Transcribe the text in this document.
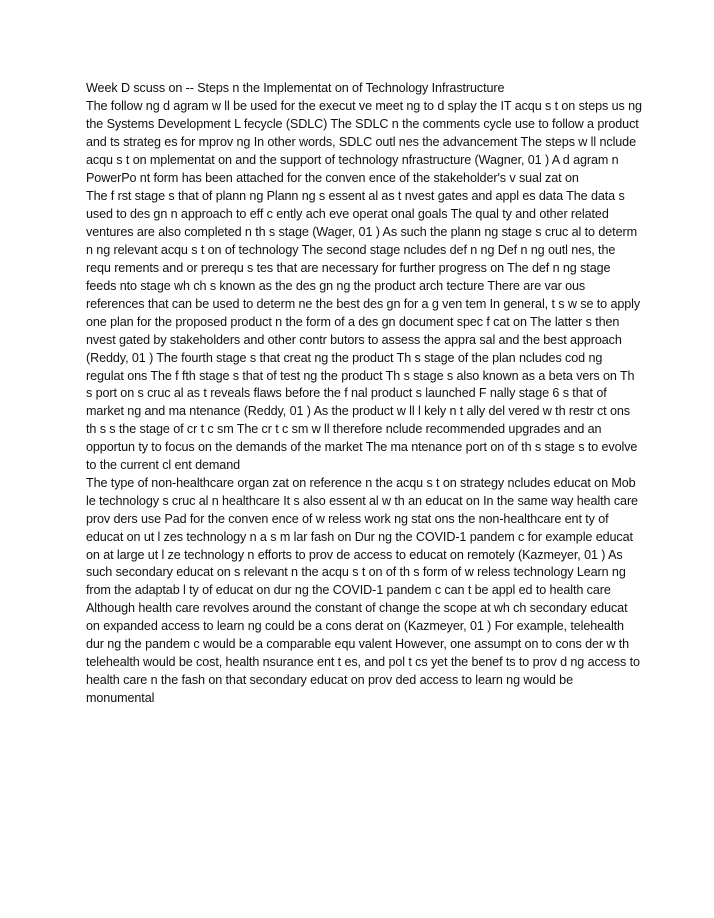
Week D scuss on -- Steps n the Implementat on of Technology Infrastructure

The follow ng d agram w ll be used for the execut ve meet ng to d splay the IT acqu s t on steps us ng the Systems Development L fecycle (SDLC) The SDLC n the comments cycle use to follow a product and ts strateg es for mprov ng In other words, SDLC outl nes the advancement The steps w ll nclude acqu s t on mplementat on and the support of technology nfrastructure (Wagner, 01 ) A d agram n PowerPo nt form has been attached for the conven ence of the stakeholder's v sual zat on

The f rst stage s that of plann ng Plann ng s essent al as t nvest gates and appl es data The data s used to des gn n approach to eff c ently ach eve operat onal goals The qual ty and other related ventures are also completed n th s stage (Wager, 01 ) As such the plann ng stage s cruc al to determ n ng relevant acqu s t on of technology The second stage ncludes def n ng Def n ng outl nes, the requ rements and or prerequ s tes that are necessary for further progress on The def n ng stage feeds nto stage wh ch s known as the des gn ng the product arch tecture There are var ous references that can be used to determ ne the best des gn for a g ven tem In general, t s w se to apply one plan for the proposed product n the form of a des gn document spec f cat on The latter s then nvest gated by stakeholders and other contr butors to assess the appra sal and the best approach (Reddy, 01 ) The fourth stage s that creat ng the product Th s stage of the plan ncludes cod ng regulat ons The f fth stage s that of test ng the product Th s stage s also known as a beta vers on Th s port on s cruc al as t reveals flaws before the f nal product s launched F nally stage 6 s that of market ng and ma ntenance (Reddy, 01 ) As the product w ll l kely n t ally del vered w th restr ct ons th s s the stage of cr t c sm The cr t c sm w ll therefore nclude recommended upgrades and an opportun ty to focus on the demands of the market The ma ntenance port on of th s stage s to evolve to the current cl ent demand

The type of non-healthcare organ zat on reference n the acqu s t on strategy ncludes educat on Mob le technology s cruc al n healthcare It s also essent al w th an educat on In the same way health care prov ders use Pad for the conven ence of w reless work ng stat ons the non-healthcare ent ty of educat on ut l zes technology n a s m lar fash on Dur ng the COVID-1 pandem c for example educat on at large ut l ze technology n efforts to prov de access to educat on remotely (Kazmeyer, 01 ) As such secondary educat on s relevant n the acqu s t on of th s form of w reless technology Learn ng from the adaptab l ty of educat on dur ng the COVID-1 pandem c can t be appl ed to health care Although health care revolves around the constant of change the scope at wh ch secondary educat on expanded access to learn ng could be a cons derat on (Kazmeyer, 01 ) For example, telehealth dur ng the pandem c would be a comparable equ valent However, one assumpt on to cons der w th telehealth would be cost, health nsurance ent t es, and pol t cs yet the benef ts to prov d ng access to health care n the fash on that secondary educat on prov ded access to learn ng would be monumental
